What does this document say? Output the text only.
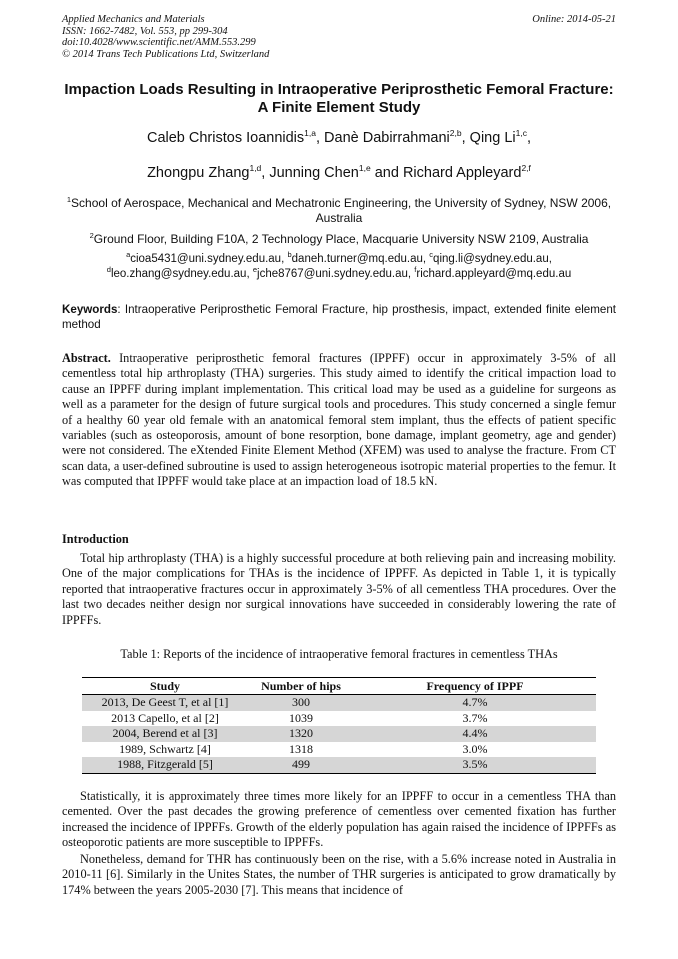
Applied Mechanics and Materials
ISSN: 1662-7482, Vol. 553, pp 299-304
doi:10.4028/www.scientific.net/AMM.553.299
© 2014 Trans Tech Publications Ltd, Switzerland
Online: 2014-05-21
Impaction Loads Resulting in Intraoperative Periprosthetic Femoral Fracture: A Finite Element Study
Caleb Christos Ioannidis$^{1,a}$, Danè Dabirrahmani$^{2,b}$, Qing Li$^{1,c}$,
Zhongpu Zhang$^{1,d}$, Junning Chen$^{1,e}$ and Richard Appleyard$^{2,f}$
$^1$School of Aerospace, Mechanical and Mechatronic Engineering, the University of Sydney, NSW 2006, Australia
$^2$Ground Floor, Building F10A, 2 Technology Place, Macquarie University NSW 2109, Australia
$^a$cioa5431@uni.sydney.edu.au, $^b$daneh.turner@mq.edu.au, $^c$qing.li@sydney.edu.au,
$^d$leo.zhang@sydney.edu.au, $^e$jche8767@uni.sydney.edu.au, $^f$richard.appleyard@mq.edu.au
Keywords: Intraoperative Periprosthetic Femoral Fracture, hip prosthesis, impact, extended finite element method
Abstract. Intraoperative periprosthetic femoral fractures (IPPFF) occur in approximately 3-5% of all cementless total hip arthroplasty (THA) surgeries. This study aimed to identify the critical impaction load to cause an IPPFF during implant implementation. This critical load may be used as a guideline for surgeons as well as a parameter for the design of future surgical tools and procedures. This study concerned a single femur of a healthy 60 year old female with an anatomical femoral stem implant, thus the effects of patient specific variables (such as osteoporosis, amount of bone resorption, bone damage, implant geometry, age and gender) were not considered. The eXtended Finite Element Method (XFEM) was used to analyse the fracture. From CT scan data, a user-defined subroutine is used to assign heterogeneous isotropic material properties to the femur. It was computed that IPPFF would take place at an impaction load of 18.5 kN.
Introduction
Total hip arthroplasty (THA) is a highly successful procedure at both relieving pain and increasing mobility. One of the major complications for THAs is the incidence of IPPFF. As depicted in Table 1, it is typically reported that intraoperative fractures occur in approximately 3-5% of all cementless THA procedures. Over the last two decades neither design nor surgical innovations have succeeded in considerably lowering the rate of IPPFFs.
Table 1: Reports of the incidence of intraoperative femoral fractures in cementless THAs
Study	Number of hips	Frequency of IPPF
2013, De Geest T, et al [1]	300	4.7%
2013 Capello, et al [2]	1039	3.7%
2004, Berend et al [3]	1320	4.4%
1989, Schwartz [4]	1318	3.0%
1988, Fitzgerald [5]	499	3.5%
Statistically, it is approximately three times more likely for an IPPFF to occur in a cementless THA than cemented. Over the past decades the growing preference of cementless over cemented fixation has further increased the incidence of IPPFFs. Growth of the elderly population has again raised the incidence of IPPFFs as osteoporotic patients are more susceptible to IPPFFs.
Nonetheless, demand for THR has continuously been on the rise, with a 5.6% increase noted in Australia in 2010-11 [6]. Similarly in the Unites States, the number of THR surgeries is anticipated to grow dramatically by 174% between the years 2005-2030 [7]. This means that incidence of
